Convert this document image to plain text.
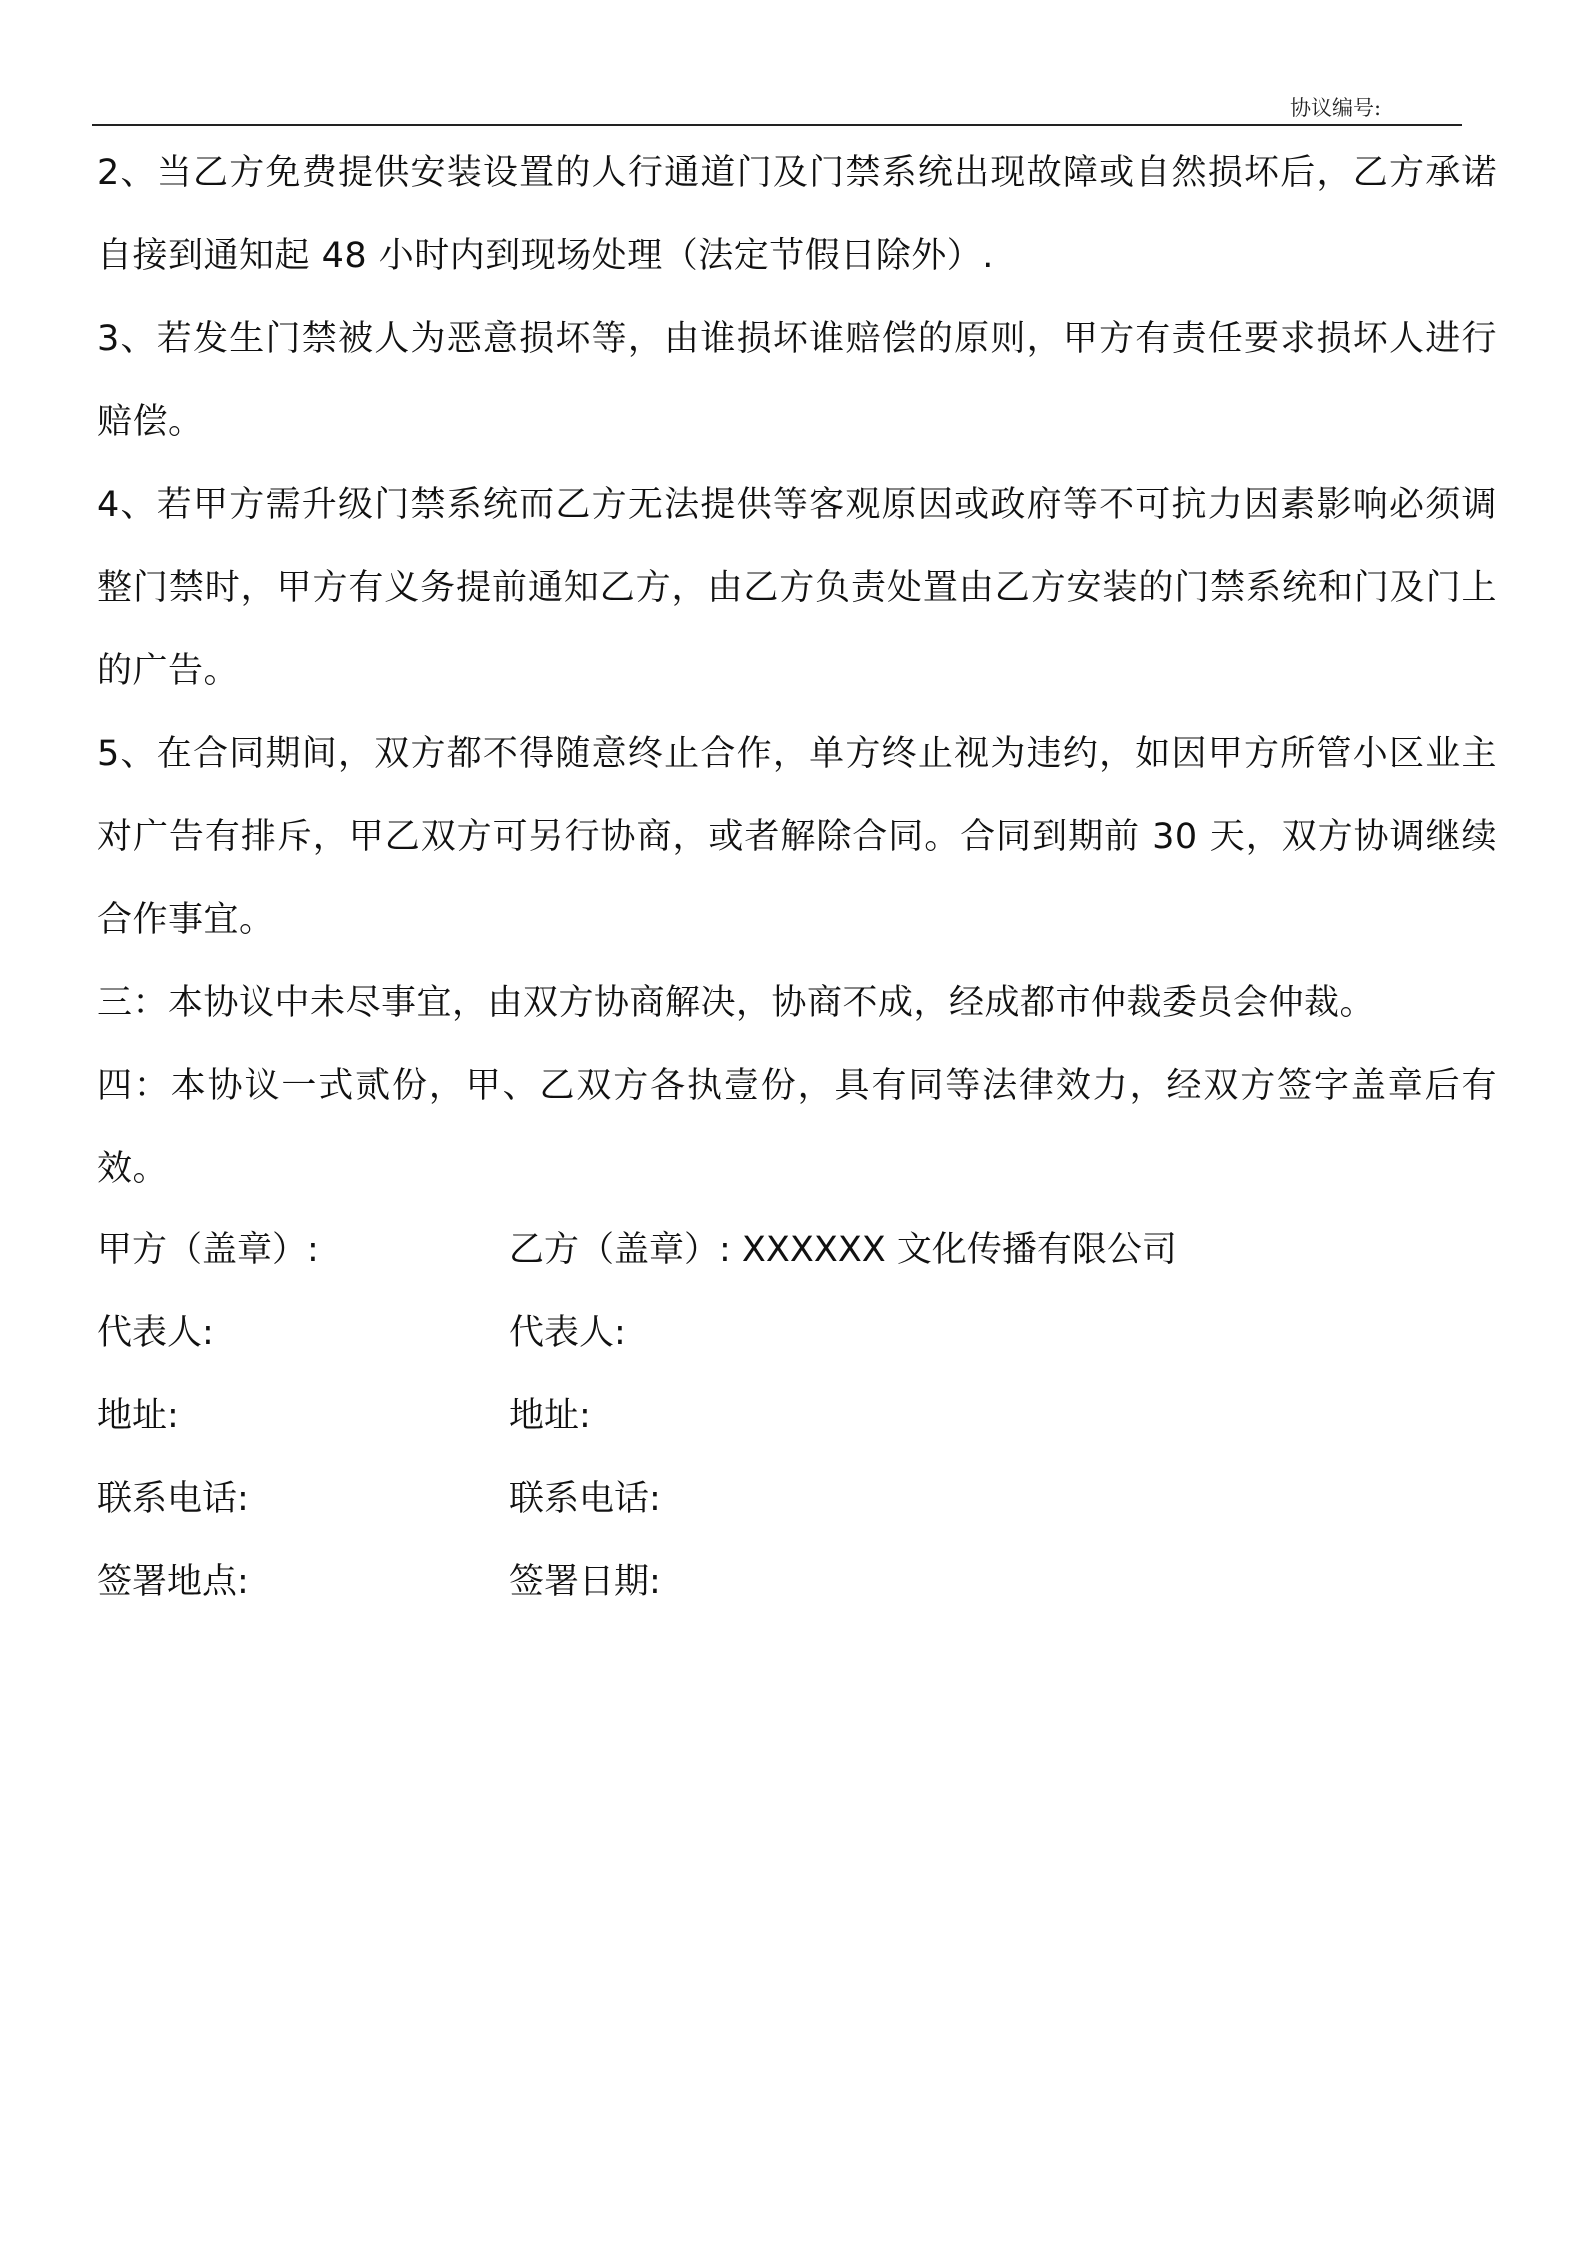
协议编号:

2、当乙方免费提供安装设置的人行通道门及门禁系统出现故障或自然损坏后，乙方承诺自接到通知起 48 小时内到现场处理（法定节假日除外）.

3、若发生门禁被人为恶意损坏等，由谁损坏谁赔偿的原则，甲方有责任要求损坏人进行赔偿。

4、若甲方需升级门禁系统而乙方无法提供等客观原因或政府等不可抗力因素影响必须调整门禁时，甲方有义务提前通知乙方，由乙方负责处置由乙方安装的门禁系统和门及门上的广告。

5、在合同期间，双方都不得随意终止合作，单方终止视为违约，如因甲方所管小区业主对广告有排斥，甲乙双方可另行协商，或者解除合同。合同到期前 30 天，双方协调继续合作事宜。

三：本协议中未尽事宜，由双方协商解决，协商不成，经成都市仲裁委员会仲裁。

四：本协议一式贰份，甲、乙双方各执壹份，具有同等法律效力，经双方签字盖章后有效。

甲方（盖章）:	乙方（盖章）: XXXXXX 文化传播有限公司
代表人:	代表人:
地址:	地址:
联系电话:	联系电话:
签署地点:	签署日期:
